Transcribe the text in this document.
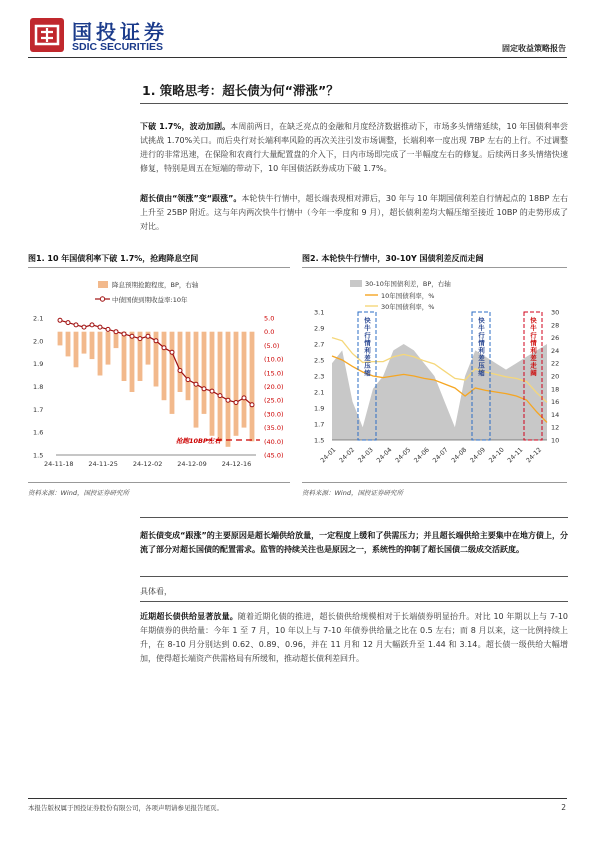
国投证券
SDIC SECURITIES	固定收益策略报告
1. 策略思考：超长债为何“滞涨”？
下破 1.7%，波动加剧。本周前两日，在缺乏亮点的金融和月度经济数据推动下，市场多头情绪延续，10 年国债利率尝试挑战 1.70%关口。而后央行对长端利率风险的再次关注引发市场调整，长端利率一度出现 7BP 左右的上行。不过调整进行的非常迅速，在保险和农商行大量配置盘的介入下，日内市场即完成了一半幅度左右的修复。后续两日多头情绪快速修复，特别是周五在短端的带动下，10 年国债活跃券成功下破 1.7%。
超长债由“领涨”变“跟涨”。本轮快牛行情中，超长端表现相对滞后，30 年与 10 年期国债利差自行情起点的 18BP 左右上升至 25BP 附近。这与年内两次快牛行情中（今年一季度和 9 月），超长债利差均大幅压缩至接近 10BP 的走势形成了对比。
图1. 10 年国债利率下破 1.7%，抢跑降息空间	图2. 本轮快牛行情中，30-10Y 国债利差反而走阔
降息预期抢跑程度，BP，右轴
中债国债到期收益率:10年
2.1
2.0
1.9
1.8
1.7
1.6
1.5
5.0
0.0
(5.0)
(10.0)
(15.0)
(20.0)
(25.0)
(30.0)
(35.0)
(40.0)
(45.0)
24-11-18 24-11-25 24-12-02 24-12-09 24-12-16
抢跑10BP左右
30-10年国债利差，BP，右轴
10年国债利率，%
30年国债利率，%
3.1
2.9
2.7
2.5
2.3
2.1
1.9
1.7
1.5
30
28
26
24
22
20
18
16
14
12
10
24-01 24-02 24-03 24-04 24-05 24-06 24-07 24-08 24-09 24-10 24-11 24-12
快牛行情利差压缩	快牛行情利差压缩	快牛行情利差走阔
资料来源：Wind，国投证券研究所	资料来源：Wind，国投证券研究所
超长债变成“跟涨”的主要原因是超长端供给放量，一定程度上缓和了供需压力；并且超长端供给主要集中在地方债上，分流了部分对超长国债的配置需求。监管的持续关注也是原因之一，系统性的抑制了超长国债二级成交活跃度。
具体看，
近期超长债供给显著放量。随着近期化债的推进，超长债供给规模相对于长端债券明显抬升。对比 10 年期以上与 7-10 年期债券的供给量：今年 1 至 7 月，10 年以上与 7-10 年债券供给量之比在 0.5 左右；而 8 月以来，这一比例持续上升，在 8-10 月分别达到 0.62、0.89、0.96，并在 11 月和 12 月大幅跃升至 1.44 和 3.14。超长债一级供给大幅增加，使得超长端资产供需格局有所缓和，推动超长债利差回升。
本报告版权属于国投证券股份有限公司，各项声明请参见报告尾页。	2
